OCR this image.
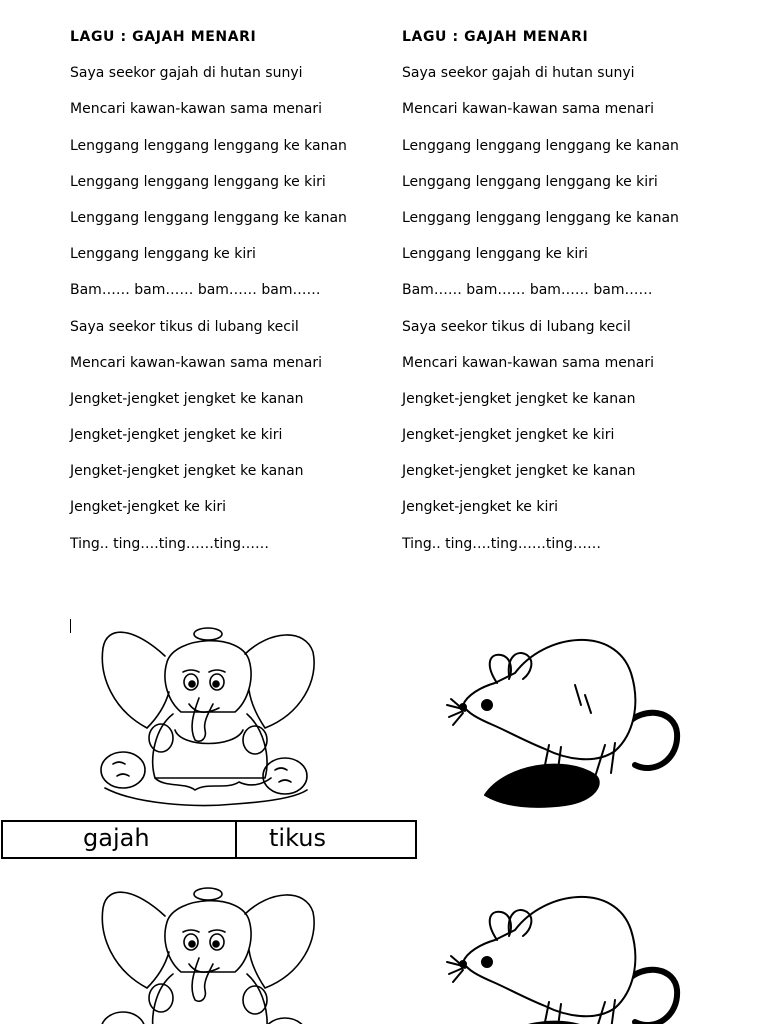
LAGU : GAJAH MENARI
Saya seekor gajah di hutan sunyi
Mencari kawan-kawan sama menari
Lenggang lenggang lenggang ke kanan
Lenggang lenggang lenggang ke kiri
Lenggang lenggang lenggang ke kanan
Lenggang lenggang ke kiri
Bam…… bam…… bam…… bam……
Saya seekor tikus di lubang kecil
Mencari kawan-kawan sama menari
Jengket-jengket jengket ke kanan
Jengket-jengket jengket ke kiri
Jengket-jengket jengket ke kanan
Jengket-jengket ke kiri
Ting.. ting….ting……ting……
LAGU : GAJAH MENARI
Saya seekor gajah di hutan sunyi
Mencari kawan-kawan sama menari
Lenggang lenggang lenggang ke kanan
Lenggang lenggang lenggang ke kiri
Lenggang lenggang lenggang ke kanan
Lenggang lenggang ke kiri
Bam…… bam…… bam…… bam……
Saya seekor tikus di lubang kecil
Mencari kawan-kawan sama menari
Jengket-jengket jengket ke kanan
Jengket-jengket jengket ke kiri
Jengket-jengket jengket ke kanan
Jengket-jengket ke kiri
Ting.. ting….ting……ting……
gajah	tikus
